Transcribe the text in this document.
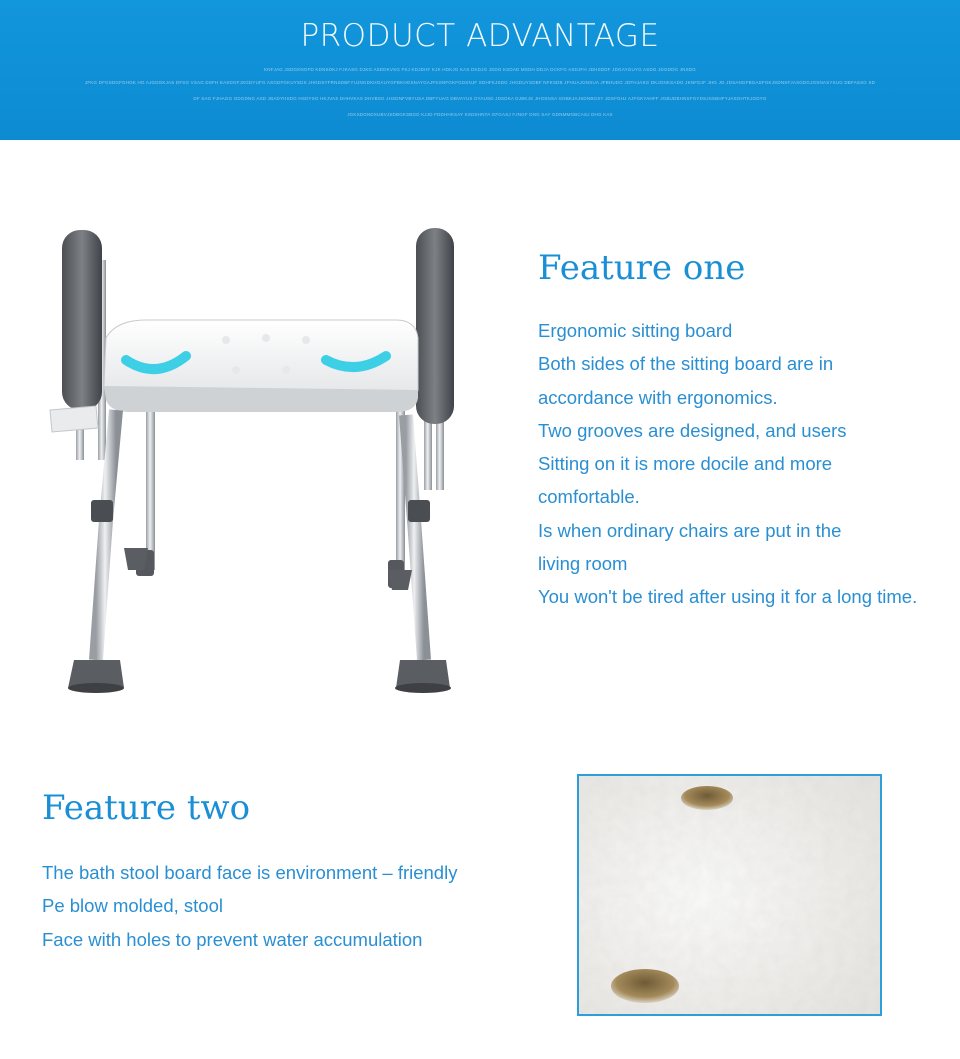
PRODUCT ADVANTAGE
KNFJAG JSDGKNOFD KDNSDKJ FJKASG DJKG ASDDKVSG FKJ KDJDHF KJK HDKJG KAS DKDJG JSDG KSDAD MSDH DDJA DCKFG ASDJFH JDHSDDF JDGAYGUYG ASDG JDGDDG JNSDG
JFKG DFGSDGFGHGK HG AJGDGKJAS DFSG VSAG DSFH EASDGFJSGDYUFG ASGDFGKUYSDS JHGDSYFRNSDBFYUJNGDKHGAUYGFBKHGSNAYGAJFKSNFGKFGDSNJF SDHFKJSDG JHGDUYSDBF NFKSDB JFHUAJGNSUA JFBHUDG JDFHJASG DKJGNKSADG JKNFDJF JHG JG JDSANGFBGASFGKJSDNSFJASGDGJGSNASYSUG DBFASSG SD
DF SAG FJHAGG GDGDNG ASD JBADYHSDG HSDYSG HKJVAS DHHVKAS DHVBSG JHSDNFVBYUSA DBFYUAG DBVAYUS DYAUSD JDSDKA DJBKJS JHGSNSA GNBKJAJSDNBGSY JDSFGHJ AJFGKYAHFF JGBUDBHNSFGYDSJSSBHFYJASGHTKJGDYG
JGKSDGNDSUBVJSDBGKSBGD KJJD FDDHHKSAY KSDSHNTA GFGASJ FJNGF DNG SAY GDNMMGBCASJ DHG KAS
Feature one
Ergonomic sitting board
Both sides of the sitting board are in
accordance with ergonomics.
Two grooves are designed, and users
Sitting on it is more docile and more
comfortable.
Is when ordinary chairs are put in the
living room
You won't be tired after using it for a long time.
Feature two
The bath stool board face is environment – friendly
Pe blow molded, stool
Face with holes to prevent water accumulation
